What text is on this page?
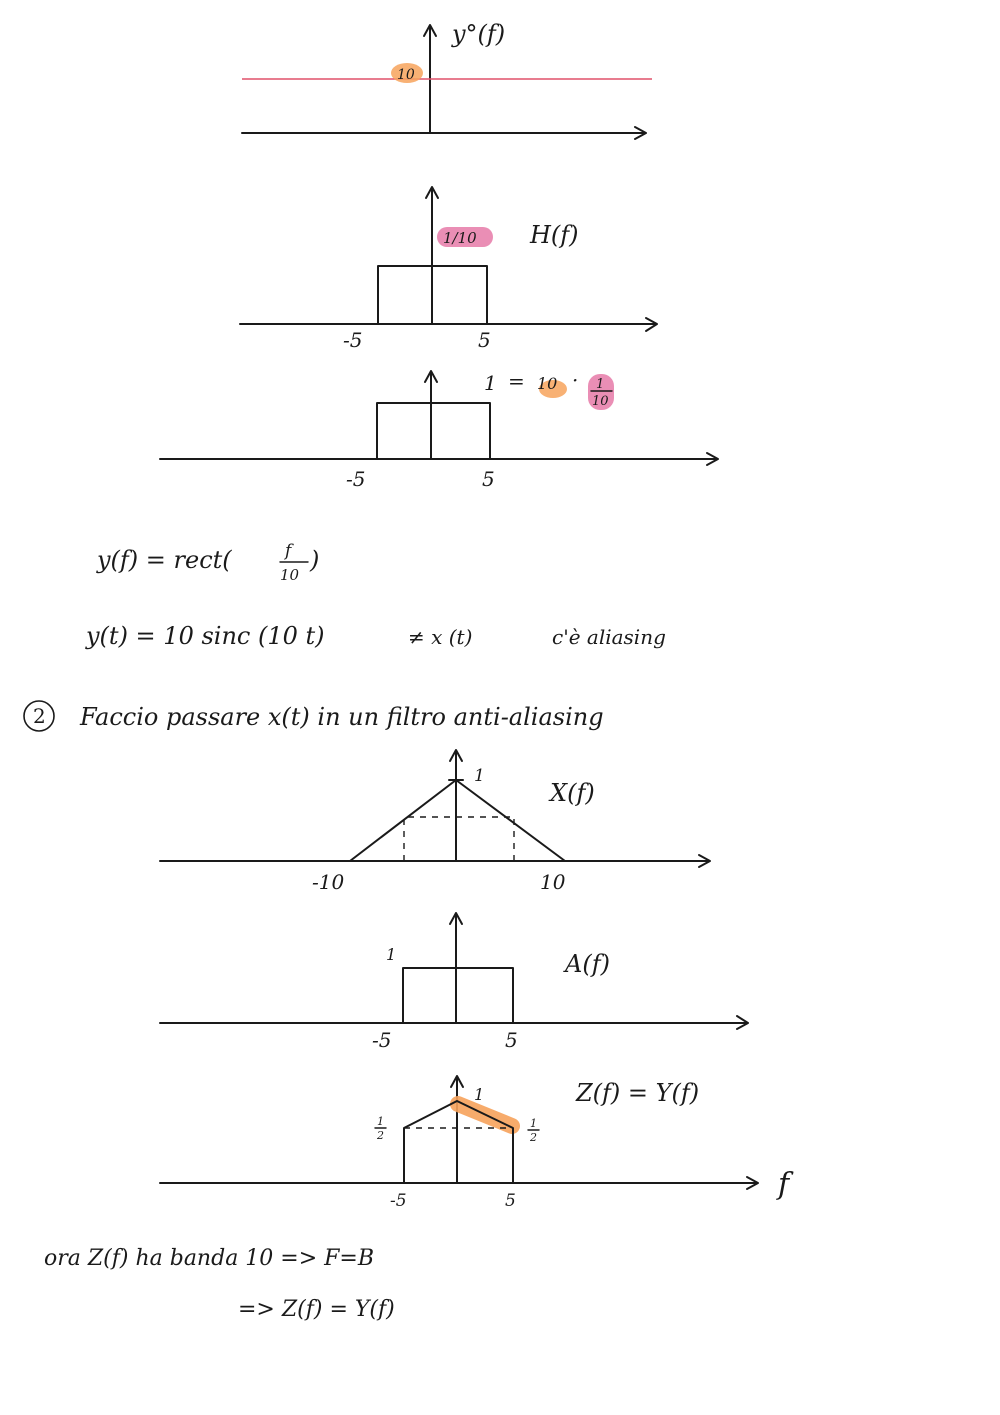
10
y°(f)
1/10 H(f)
-5	5
1 = 10 · 1
10
-5	5
y(f) = rect(	f
10
)
y(t) = 10 sinc (10 t)	≠ x (t)	c'è aliasing
2 Faccio passare x(t) in un filtro anti-aliasing
1
X(f)
-10	10
1	A(f)
-5	5
1
1
2
1
2
Z(f) = Y(f)
-5	5	f
ora Z(f) ha banda 10 => F=B
=> Z(f) = Y(f)
